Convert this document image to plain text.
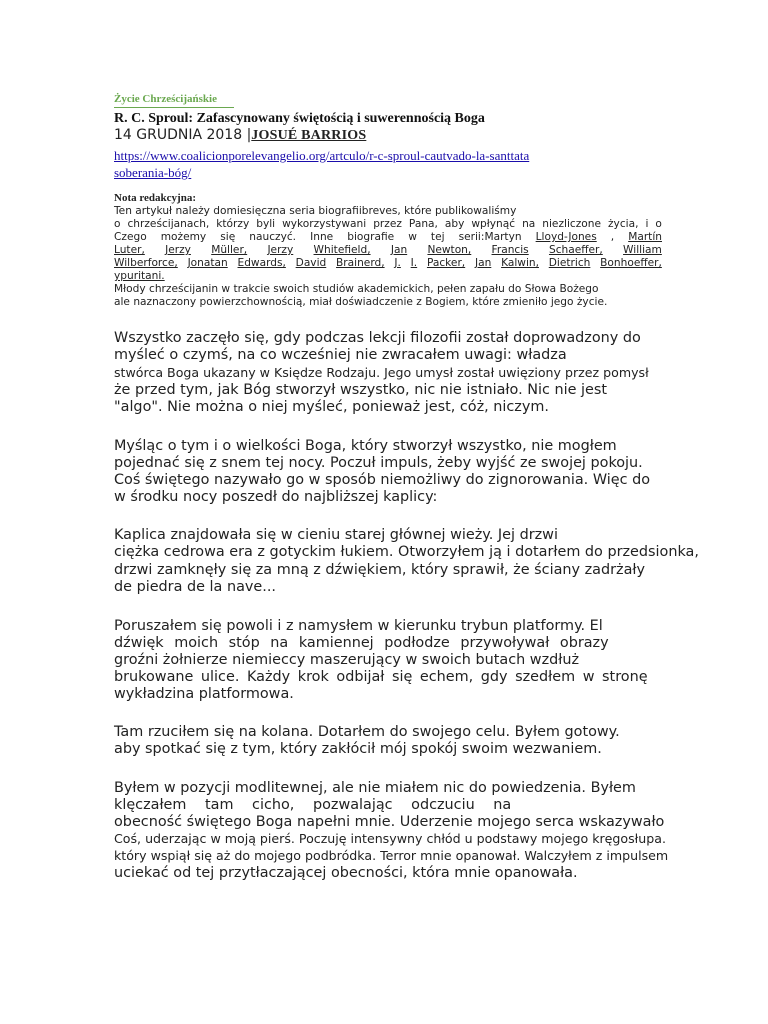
Życie Chrześcijańskie
R. C. Sproul: Zafascynowany świętością i suwerennością Boga
14 GRUDNIA 2018 |JOSUÉ BARRIOS
https://www.coalicionporelevangelio.org/artculo/r-c-sproul-cautvado-la-santtata
soberania-bóg/
Nota redakcyjna:
Ten artykuł należy domiesięczna seria biografiibreves, które publikowaliśmy
o chrześcijanach, którzy byli wykorzystywani przez Pana, aby wpłynąć na niezliczone życia, i o
Czego możemy się nauczyć. Inne biografie w tej serii:Martyn Lloyd-Jones , Martín
Luter, Jerzy Müller, Jerzy Whitefield, Jan Newton, Francis Schaeffer, William
Wilberforce, Jonatan Edwards, David Brainerd, J. I. Packer, Jan Kalwin, Dietrich Bonhoeffer,
ypuritani.
Młody chrześcijanin w trakcie swoich studiów akademickich, pełen zapału do Słowa Bożego
ale naznaczony powierzchownością, miał doświadczenie z Bogiem, które zmieniło jego życie.
Wszystko zaczęło się, gdy podczas lekcji filozofii został doprowadzony do
myśleć o czymś, na co wcześniej nie zwracałem uwagi: władza
stwórca Boga ukazany w Księdze Rodzaju. Jego umysł został uwięziony przez pomysł
że przed tym, jak Bóg stworzył wszystko, nic nie istniało. Nic nie jest
"algo". Nie można o niej myśleć, ponieważ jest, cóż, niczym.
Myśląc o tym i o wielkości Boga, który stworzył wszystko, nie mogłem
pojednać się z snem tej nocy. Poczuł impuls, żeby wyjść ze swojej pokoju.
Coś świętego nazywało go w sposób niemożliwy do zignorowania. Więc do
w środku nocy poszedł do najbliższej kaplicy:
Kaplica znajdowała się w cieniu starej głównej wieży. Jej drzwi
ciężka cedrowa era z gotyckim łukiem. Otworzyłem ją i dotarłem do przedsionka,
drzwi zamknęły się za mną z dźwiękiem, który sprawił, że ściany zadrżały
de piedra de la nave...
Poruszałem się powoli i z namysłem w kierunku trybun platformy. El
dźwięk moich stóp na kamiennej podłodze przywoływał obrazy
groźni żołnierze niemieccy maszerujący w swoich butach wzdłuż
brukowane ulice. Każdy krok odbijał się echem, gdy szedłem w stronę
wykładzina platformowa.
Tam rzuciłem się na kolana. Dotarłem do swojego celu. Byłem gotowy.
aby spotkać się z tym, który zakłócił mój spokój swoim wezwaniem.
Byłem w pozycji modlitewnej, ale nie miałem nic do powiedzenia. Byłem
klęczałem tam cicho, pozwalając odczuciu na
obecność świętego Boga napełni mnie. Uderzenie mojego serca wskazywało
Coś, uderzając w moją pierś. Poczuję intensywny chłód u podstawy mojego kręgosłupa.
który wspiął się aż do mojego podbródka. Terror mnie opanował. Walczyłem z impulsem
uciekać od tej przytłaczającej obecności, która mnie opanowała.
